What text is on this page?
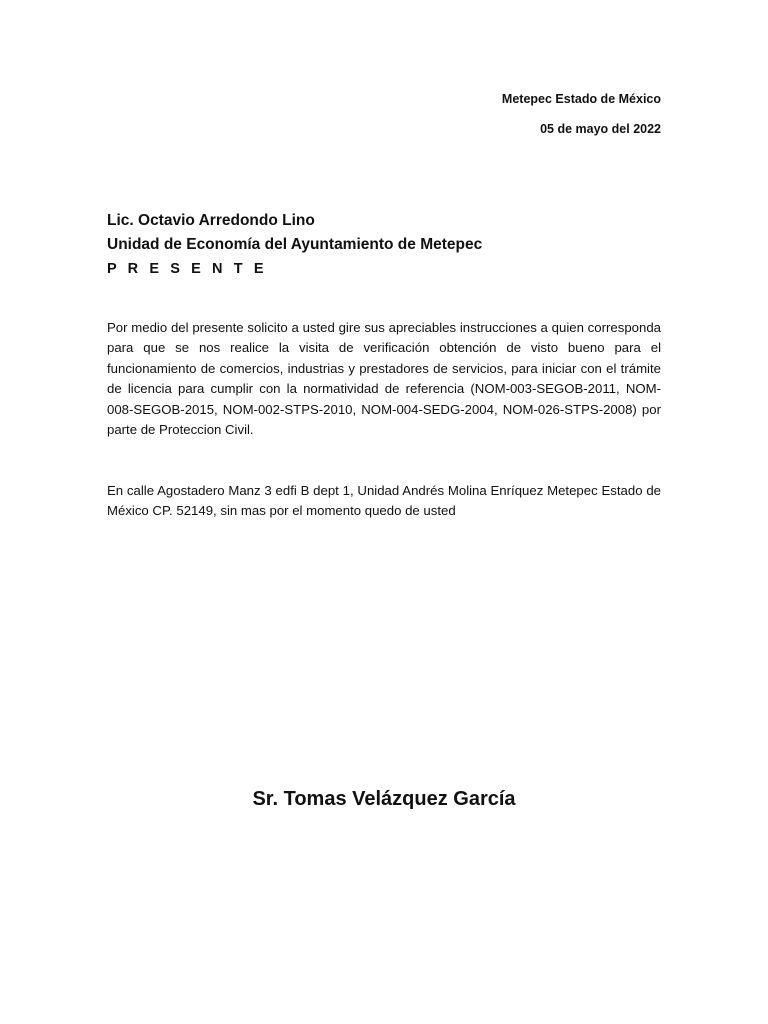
Metepec Estado de México
05 de mayo del 2022
Lic. Octavio Arredondo Lino
Unidad de Economía del Ayuntamiento de Metepec
P R E S E N T E

Por medio del presente solicito a usted gire sus apreciables instrucciones a quien corresponda para que se nos realice la visita de verificación obtención de visto bueno para el funcionamiento de comercios, industrias y prestadores de servicios, para iniciar con el trámite de licencia para cumplir con la normatividad de referencia (NOM-003-SEGOB-2011, NOM-008-SEGOB-2015, NOM-002-STPS-2010, NOM-004-SEDG-2004, NOM-026-STPS-2008) por parte de Proteccion Civil.

En calle Agostadero Manz 3 edfi B dept 1, Unidad Andrés Molina Enríquez Metepec Estado de México CP. 52149, sin mas por el momento quedo de usted

Sr. Tomas Velázquez García
